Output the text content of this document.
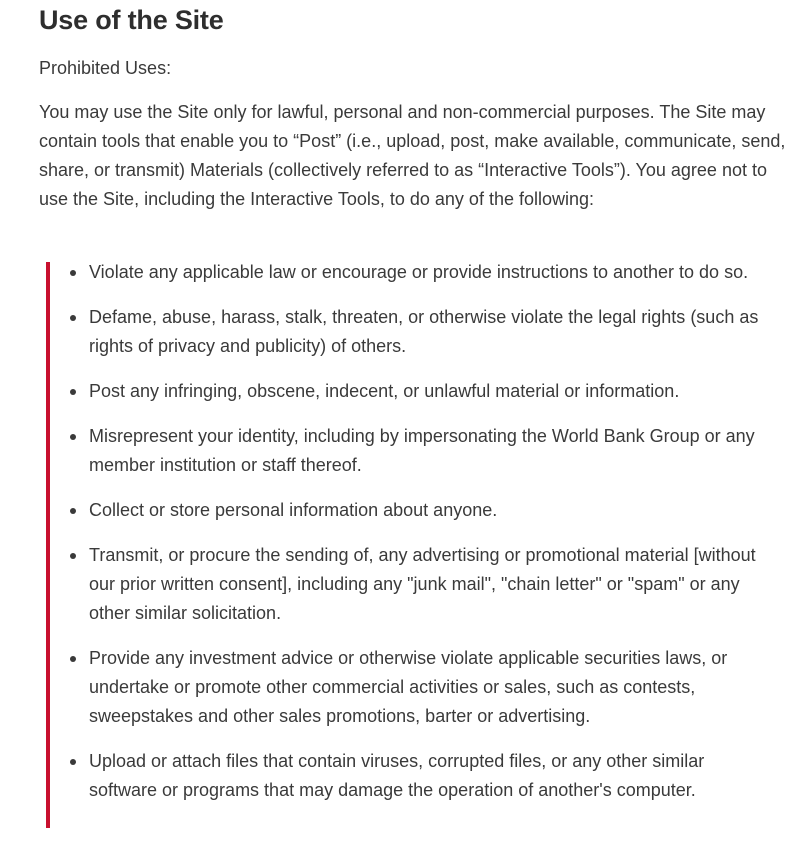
Use of the Site

Prohibited Uses:

You may use the Site only for lawful, personal and non-commercial purposes. The Site may contain tools that enable you to “Post” (i.e., upload, post, make available, communicate, send, share, or transmit) Materials (collectively referred to as “Interactive Tools”). You agree not to use the Site, including the Interactive Tools, to do any of the following:

Violate any applicable law or encourage or provide instructions to another to do so.
Defame, abuse, harass, stalk, threaten, or otherwise violate the legal rights (such as rights of privacy and publicity) of others.
Post any infringing, obscene, indecent, or unlawful material or information.
Misrepresent your identity, including by impersonating the World Bank Group or any member institution or staff thereof.
Collect or store personal information about anyone.
Transmit, or procure the sending of, any advertising or promotional material [without our prior written consent], including any "junk mail", "chain letter" or "spam" or any other similar solicitation.
Provide any investment advice or otherwise violate applicable securities laws, or undertake or promote other commercial activities or sales, such as contests, sweepstakes and other sales promotions, barter or advertising.
Upload or attach files that contain viruses, corrupted files, or any other similar software or programs that may damage the operation of another's computer.
